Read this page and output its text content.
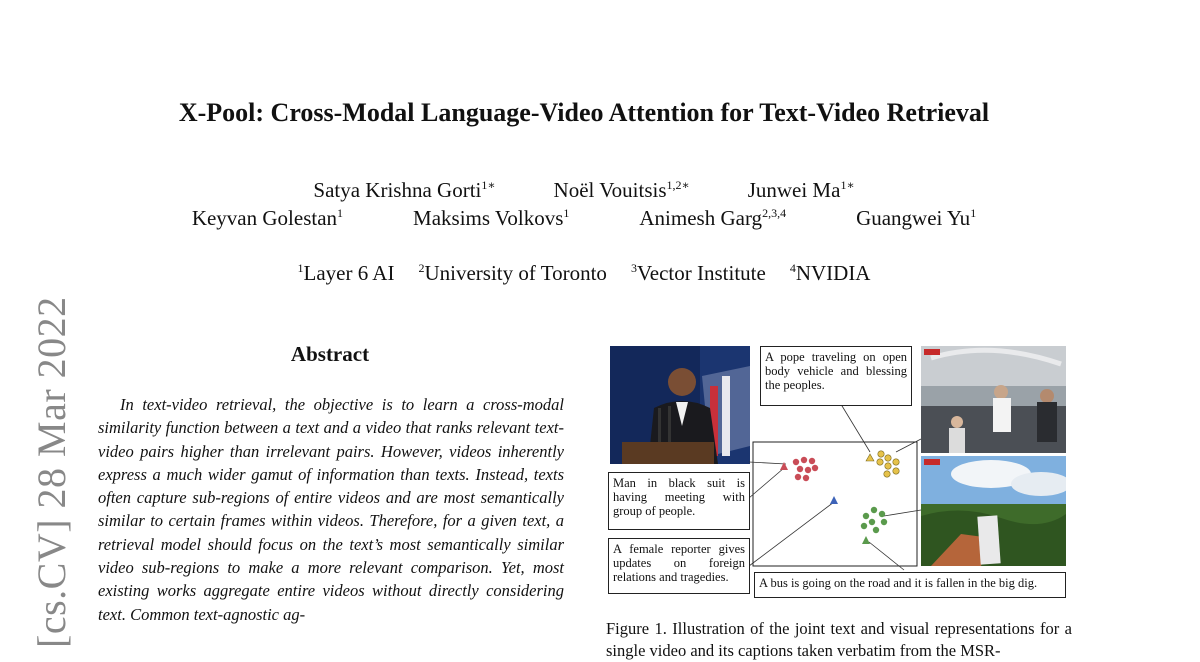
X-Pool: Cross-Modal Language-Video Attention for Text-Video Retrieval
Satya Krishna Gorti$^{1∗}$	Noël Vouitsis$^{1,2∗}$	Junwei $Ma^{1∗}$
Keyvan Golestan$^1$	Maksims Volkovs$^1$	Animesh Garg$^{2,3,4}$	Guangwei Yu$^1$
$^1$Layer 6 AI $^2$University of Toronto $^3$Vector Institute $^4$NVIDIA
[cs.CV] 28 Mar 2022	Abstract

In text-video retrieval, the objective is to learn a cross-modal similarity function between a text and a video that ranks relevant text-video pairs higher than irrelevant pairs. However, videos inherently express a much wider gamut of information than texts. Instead, texts often capture sub-regions of entire videos and are most semantically similar to certain frames within videos. Therefore, for a given text, a retrieval model should focus on the text’s most semantically similar video sub-regions to make a more relevant comparison. Yet, most existing works aggregate entire videos without directly considering text. Common text-agnostic ag-

A pope traveling on open body vehicle and blessing the peoples.
Man in black suit is having meeting with group of people.
A female reporter gives updates on foreign relations and tragedies.	A bus is going on the road and it is fallen in the big dig.
Figure 1. Illustration of the joint text and visual representations for a single video and its captions taken verbatim from the MSR-
